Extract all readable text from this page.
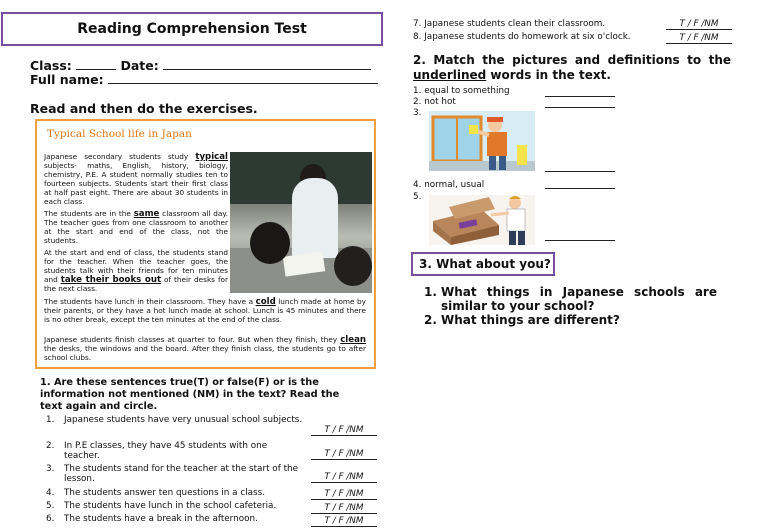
Reading Comprehension Test
Class:	Date:
Full name:
Read and then do the exercises.
Typical School life in Japan
Japanese secondary students study typical subjects- maths, English, history, biology, chemistry, P.E. A student normally studies ten to fourteen subjects. Students start their first class at half past eight. There are about 30 students in each class.
The students are in the same classroom all day. The teacher goes from one classroom to another at the start and end of the class, not the students.
At the start and end of class, the students stand for the teacher. When the teacher goes, the students talk with their friends for ten minutes and take their books out of their desks for the next class.
The students have lunch in their classroom. They have a cold lunch made at home by their parents, or they have a hot lunch made at school. Lunch is 45 minutes and there is no other break, except the ten minutes at the end of the class.
Japanese students finish classes at quarter to four. But when they finish, they clean the desks, the windows and the board. After they finish class, the students go to after school clubs.
1. Are these sentences true(T) or false(F) or is the information not mentioned (NM) in the text? Read the text again and circle.
1. Japanese students have very unusual school subjects.
T / F /NM
2. In P.E classes, they have 45 students with one teacher.	T / F /NM
3. The students stand for the teacher at the start of the lesson.	T / F /NM
4. The students answer ten questions in a class.	T / F /NM
5. The students have lunch in the school cafeteria.	T / F /NM
6. The students have a break in the afternoon.	T / F /NM
7. Japanese students clean their classroom.	T / F /NM
8. Japanese students do homework at six o'clock.	T / F /NM
2. Match the pictures and definitions to the underlined words in the text.
1. equal to something
2. not hot
3.
4. normal, usual
5.
3. What about you?
1. What things in Japanese schools are similar to your school?
2. What things are different?
